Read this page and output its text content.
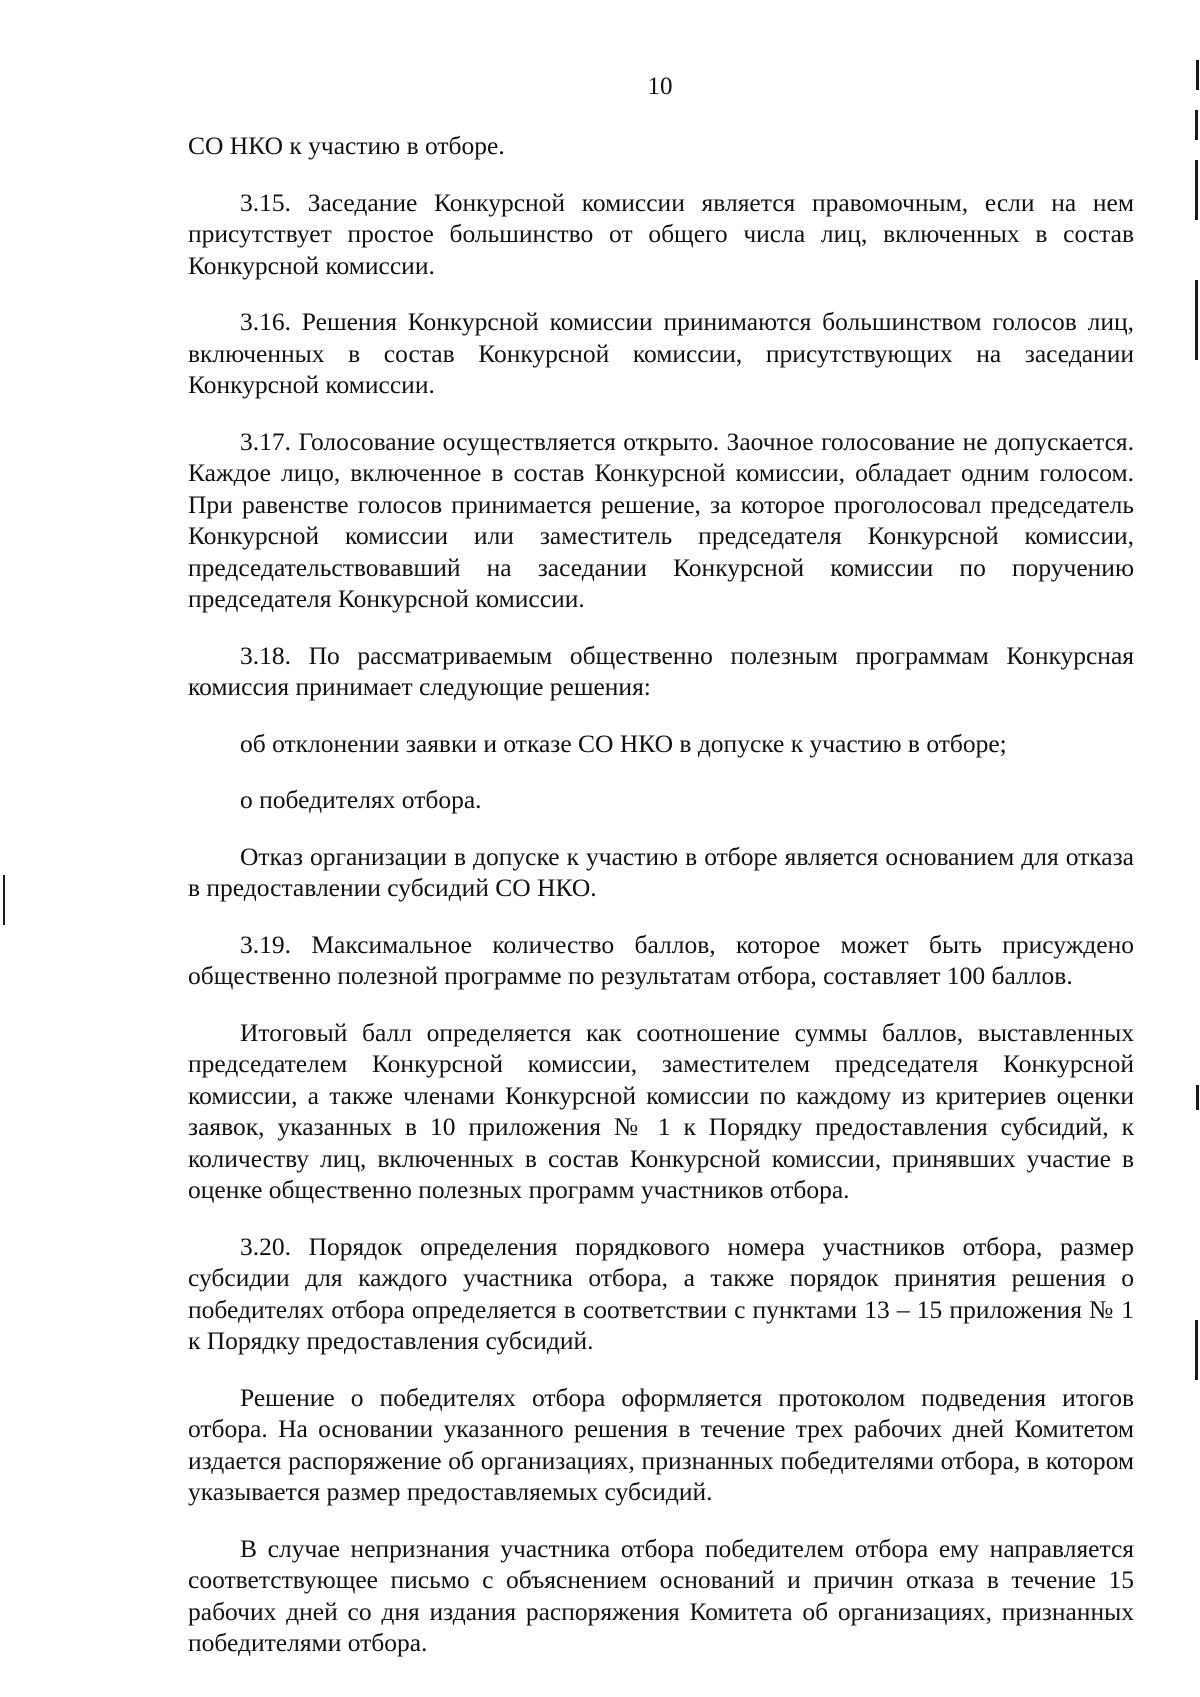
10

СО НКО к участию в отборе.

3.15. Заседание Конкурсной комиссии является правомочным, если на нем присутствует простое большинство от общего числа лиц, включенных в состав Конкурсной комиссии.

3.16. Решения Конкурсной комиссии принимаются большинством голосов лиц, включенных в состав Конкурсной комиссии, присутствующих на заседании Конкурсной комиссии.

3.17. Голосование осуществляется открыто. Заочное голосование не допускается. Каждое лицо, включенное в состав Конкурсной комиссии, обладает одним голосом. При равенстве голосов принимается решение, за которое проголосовал председатель Конкурсной комиссии или заместитель председателя Конкурсной комиссии, председательствовавший на заседании Конкурсной комиссии по поручению председателя Конкурсной комиссии.

3.18. По рассматриваемым общественно полезным программам Конкурсная комиссия принимает следующие решения:

об отклонении заявки и отказе СО НКО в допуске к участию в отборе;

о победителях отбора.

Отказ организации в допуске к участию в отборе является основанием для отказа в предоставлении субсидий СО НКО.

3.19. Максимальное количество баллов, которое может быть присуждено общественно полезной программе по результатам отбора, составляет 100 баллов.

Итоговый балл определяется как соотношение суммы баллов, выставленных председателем Конкурсной комиссии, заместителем председателя Конкурсной комиссии, а также членами Конкурсной комиссии по каждому из критериев оценки заявок, указанных в 10 приложения № 1 к Порядку предоставления субсидий, к количеству лиц, включенных в состав Конкурсной комиссии, принявших участие в оценке общественно полезных программ участников отбора.

3.20. Порядок определения порядкового номера участников отбора, размер субсидии для каждого участника отбора, а также порядок принятия решения о победителях отбора определяется в соответствии с пунктами 13 – 15 приложения № 1 к Порядку предоставления субсидий.

Решение о победителях отбора оформляется протоколом подведения итогов отбора. На основании указанного решения в течение трех рабочих дней Комитетом издается распоряжение об организациях, признанных победителями отбора, в котором указывается размер предоставляемых субсидий.

В случае непризнания участника отбора победителем отбора ему направляется соответствующее письмо с объяснением оснований и причин отказа в течение 15 рабочих дней со дня издания распоряжения Комитета об организациях, признанных победителями отбора.
